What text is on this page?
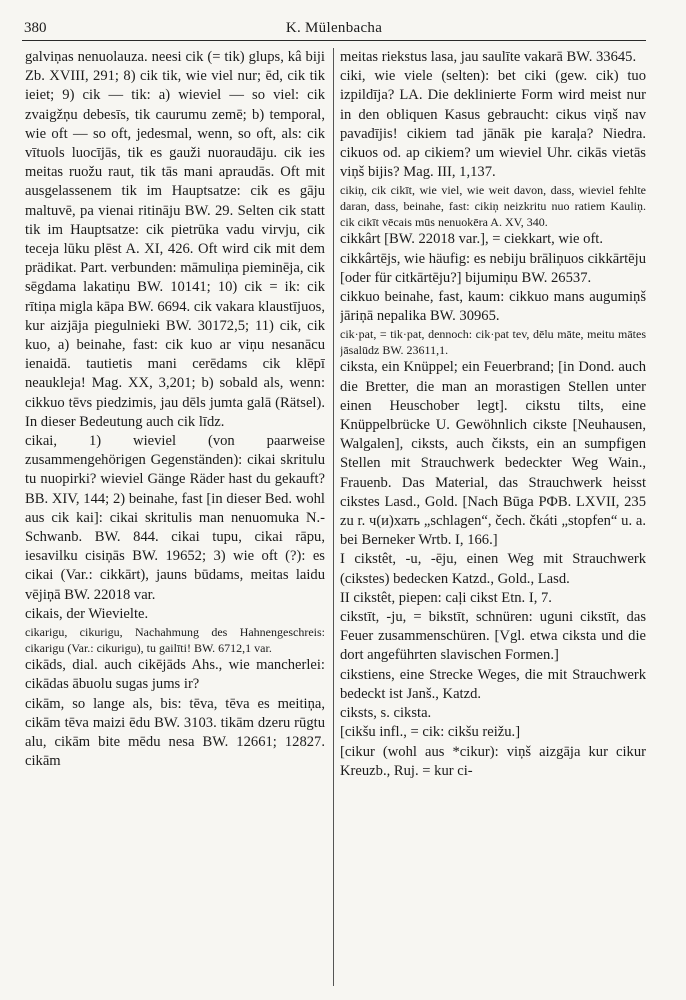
380	K. Mülenbacha

galviņas nenuolauza. neesi cik (= tik) glups, kâ biji Zb. XVIII, 291; 8) cik tik, wie viel nur; ēd, cik tik ieiet; 9) cik — tik: a) wieviel — so viel: cik zvaigžņu debesīs, tik caurumu zemē; b) temporal, wie oft — so oft, jedesmal, wenn, so oft, als: cik vītuols luocījās, tik es gauži nuoraudāju. cik ies meitas ruožu raut, tik tās mani apraudās. Oft mit ausgelassenem tik im Hauptsatze: cik es gāju maltuvē, pa vienai ritināju BW. 29. Selten cik statt tik im Hauptsatze: cik pietrūka vadu virvju, cik teceja lūku plēst A. XI, 426. Oft wird cik mit dem prädikat. Part. verbunden: māmuliņa pieminēja, cik sēgdama lakatiņu BW. 10141; 10) cik = ik: cik rītiņa migla kāpa BW. 6694. cik vakara klaustījuos, kur aizjāja piegulnieki BW. 30172,5; 11) cik, cik kuo, a) beinahe, fast: cik kuo ar viņu nesanācu ienaidā. tautietis mani cerēdams cik klēpī neaukleja! Mag. XX, 3,201; b) sobald als, wenn: cikkuo tēvs piedzimis, jau dēls jumta galā (Rätsel). In dieser Bedeutung auch cik līdz.

cikai, 1) wieviel (von paarweise zusammengehörigen Gegenständen): cikai skritulu tu nuopirki? wieviel Gänge Räder hast du gekauft? BB. XIV, 144; 2) beinahe, fast [in dieser Bed. wohl aus cik kai]: cikai skritulis man nenuomuka N.-Schwanb. BW. 844. cikai tupu, cikai rāpu, iesavilku cisiņās BW. 19652; 3) wie oft (?): es cikai (Var.: cikkārt), jauns būdams, meitas laidu vējiņā BW. 22018 var.

cikais, der Wievielte.

cikarigu, cikurigu, Nachahmung des Hahnengeschreis: cikarigu (Var.: cikurigu), tu gailīti! BW. 6712,1 var.

cikāds, dial. auch cikējāds Ahs., wie mancherlei: cikādas ābuolu sugas jums ir?

cikām, so lange als, bis: tēva, tēva es meitiņa, cikām tēva maizi ēdu BW. 3103. tikām dzeru rūgtu alu, cikām bite mēdu nesa BW. 12661; 12827. cikām

meitas riekstus lasa, jau saulīte vakarā BW. 33645.

ciki, wie viele (selten): bet ciki (gew. cik) tuo izpildīja? LA. Die deklinierte Form wird meist nur in den obliquen Kasus gebraucht: cikus viņš nav pavadījis! cikiem tad jānāk pie karaļa? Niedra. cikuos od. ap cikiem? um wieviel Uhr. cikās vietās viņš bijis? Mag. III, 1,137.

cikiņ, cik cikīt, wie viel, wie weit davon, dass, wieviel fehlte daran, dass, beinahe, fast: cikiņ neizkritu nuo ratiem Kauliņ. cik cikīt vēcais mūs nenuokēra A. XV, 340.

cikkârt [BW. 22018 var.], = ciekkart, wie oft.

cikkârtējs, wie häufig: es nebiju brāliņuos cikkārtēju [oder für citkārtēju?] bijumiņu BW. 26537.

cikkuo beinahe, fast, kaum: cikkuo mans augumiņš jāriņā nepalika BW. 30965.

cik·pat, = tik·pat, dennoch: cik·pat tev, dēlu māte, meitu mātes jāsalūdz BW. 23611,1.

ciksta, ein Knüppel; ein Feuerbrand; [in Dond. auch die Bretter, die man an morastigen Stellen unter einen Heuschober legt]. cikstu tilts, eine Knüppelbrücke U. Gewöhnlich cikste [Neuhausen, Walgalen], ciksts, auch čiksts, ein an sumpfigen Stellen mit Strauchwerk bedeckter Weg Wain., Frauenb. Das Material, das Strauchwerk heisst cikstes Lasd., Gold. [Nach Būga РФВ. LXVII, 235 zu r. ч(и)хать „schlagen“, čech. čkáti „stopfen“ u. a. bei Berneker Wrtb. I, 166.]

I cikstêt, -u, -ēju, einen Weg mit Strauchwerk (cikstes) bedecken Katzd., Gold., Lasd.

II cikstêt, piepen: caļi cikst Etn. I, 7.

cikstīt, -ju, = bikstīt, schnüren: uguni cikstīt, das Feuer zusammenschüren. [Vgl. etwa ciksta und die dort angeführten slavischen Formen.]

cikstiens, eine Strecke Weges, die mit Strauchwerk bedeckt ist Janš., Katzd.

ciksts, s. ciksta.

[cikšu infl., = cik: cikšu reižu.]

[cikur (wohl aus *cikur): viņš aizgāja kur cikur Kreuzb., Ruj. = kur ci-
